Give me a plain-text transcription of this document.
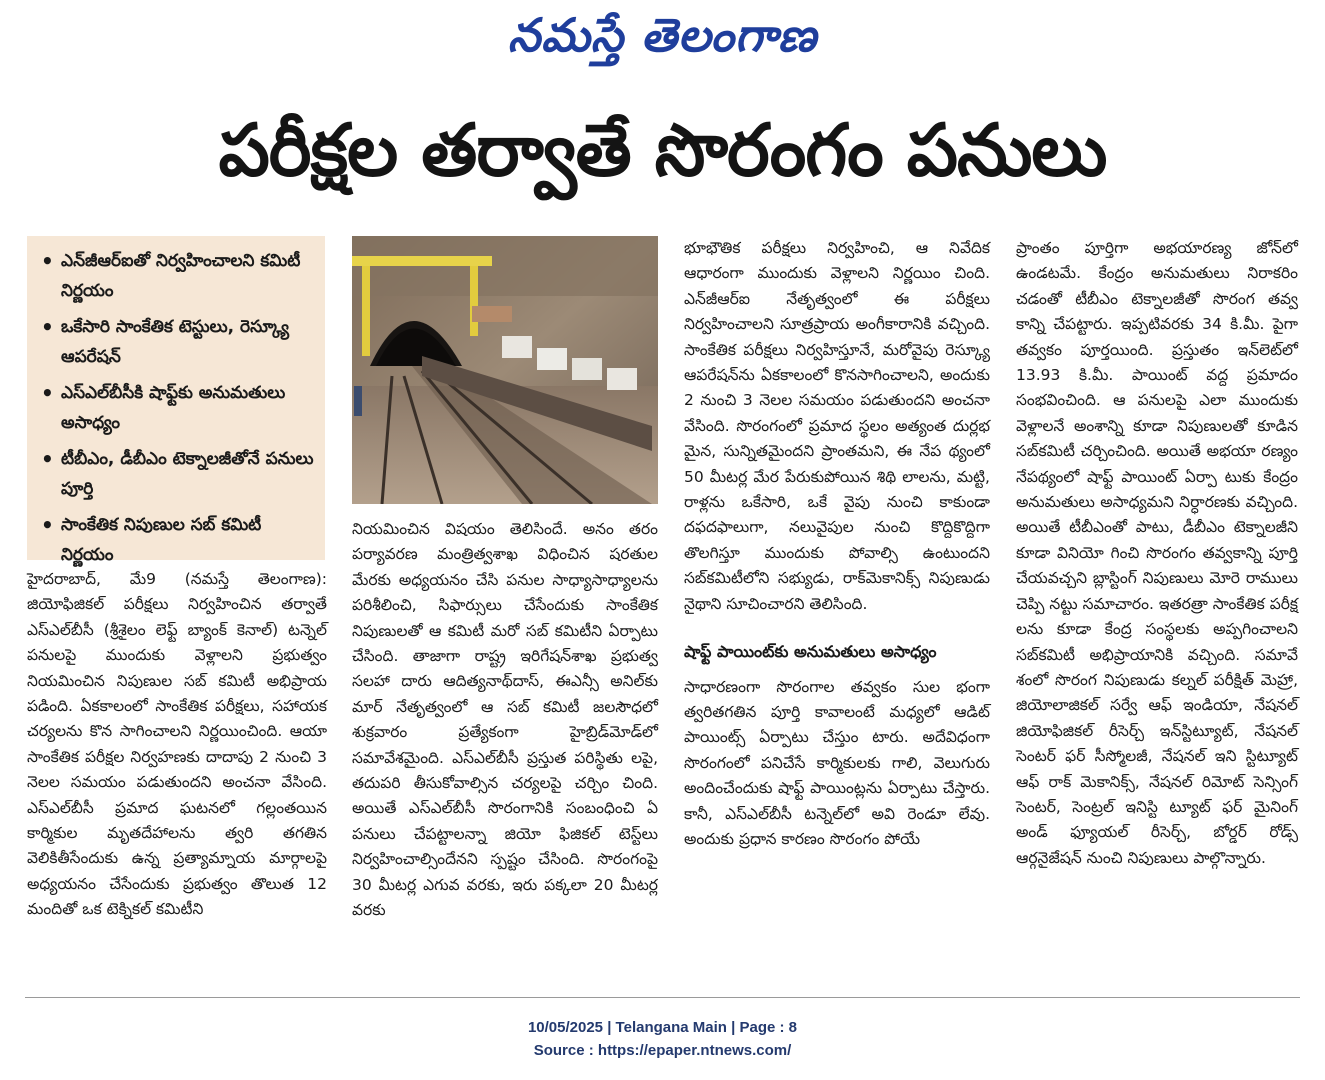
నమస్తే తెలంగాణ
పరీక్షల తర్వాతే సొరంగం పనులు
• ఎన్‌జీఆర్‌ఐతో నిర్వహించాలని కమిటీ నిర్ణయం
• ఒకేసారి సాంకేతిక టెస్టులు, రెస్క్యూ ఆపరేషన్
• ఎస్‌ఎల్‌బీసీకి షాఫ్ట్‌కు అనుమతులు అసాధ్యం
• టీబీఎం, డీబీఎం టెక్నాలజీతోనే పనులు పూర్తి
• సాంకేతిక నిపుణుల సబ్ కమిటీ నిర్ణయం

హైదరాబాద్, మే9 (నమస్తే తెలంగాణ): జియోఫిజికల్ పరీక్షలు నిర్వహించిన తర్వాతే ఎస్‌ఎల్‌బీసీ (శ్రీశైలం లెఫ్ట్ బ్యాంక్ కెనాల్) టన్నెల్ పనులపై ముందుకు వెళ్లాలని ప్రభుత్వం నియమించిన నిపుణుల సబ్ కమిటీ అభిప్రాయ పడింది. ఏకకాలంలో సాంకేతిక పరీక్షలు, సహాయక చర్యలను కొన సాగించాలని నిర్ణయించింది. ఆయా సాంకేతిక పరీక్షల నిర్వహణకు దాదాపు 2 నుంచి 3 నెలల సమయం పడుతుందని అంచనా వేసింది. ఎస్‌ఎల్‌బీసీ ప్రమాద ఘటనలో గల్లంతయిన కార్మికుల మృతదేహాలను త్వరి తగతిన వెలికితీసేందుకు ఉన్న ప్రత్యామ్నాయ మార్గాలపై అధ్యయనం చేసేందుకు ప్రభుత్వం తొలుత 12 మందితో ఒక టెక్నికల్ కమిటీని

నియమించిన విషయం తెలిసిందే. అనం తరం పర్యావరణ మంత్రిత్వశాఖ విధించిన షరతుల మేరకు అధ్యయనం చేసి పనుల సాధ్యాసాధ్యాలను పరిశీలించి, సిఫార్సులు చేసేందుకు సాంకేతిక నిపుణులతో ఆ కమిటీ మరో సబ్ కమిటీని ఏర్పాటు చేసింది. తాజాగా రాష్ట్ర ఇరిగేషన్‌శాఖ ప్రభుత్వ సలహా దారు ఆదిత్యనాథ్‌దాస్, ఈఎన్సీ అనిల్‌కు మార్ నేతృత్వంలో ఆ సబ్ కమిటీ జలసౌధలో శుక్రవారం ప్రత్యేకంగా హైబ్రిడ్‌మోడ్‌లో సమావేశమైంది. ఎస్‌ఎల్‌బీసీ ప్రస్తుత పరిస్థితు లపై, తదుపరి తీసుకోవాల్సిన చర్యలపై చర్చిం చింది. అయితే ఎస్‌ఎల్‌బీసీ సొరంగానికి సంబంధించి ఏ పనులు చేపట్టాలన్నా జియో ఫిజికల్ టెస్ట్‌లు నిర్వహించాల్సిందేనని స్పష్టం చేసింది. సొరంగంపై 30 మీటర్ల ఎగువ వరకు, ఇరు పక్కలా 20 మీటర్ల వరకు

భూభౌతిక పరీక్షలు నిర్వహించి, ఆ నివేదిక ఆధారంగా ముందుకు వెళ్లాలని నిర్ణయిం చింది. ఎన్‌జీఆర్‌ఐ నేతృత్వంలో ఈ పరీక్షలు నిర్వహించాలని సూత్రప్రాయ అంగీకారానికి వచ్చింది. సాంకేతిక పరీక్షలు నిర్వహిస్తూనే, మరోవైపు రెస్క్యూ ఆపరేషన్‌ను ఏకకాలంలో కొనసాగించాలని, అందుకు 2 నుంచి 3 నెలల సమయం పడుతుందని అంచనా వేసింది. సొరంగంలో ప్రమాద స్థలం అత్యంత దుర్లభ మైన, సున్నితమైందని ప్రాంతమని, ఈ నేప థ్యంలో 50 మీటర్ల మేర పేరుకుపోయిన శిథి లాలను, మట్టి, రాళ్లను ఒకేసారి, ఒకే వైపు నుంచి కాకుండా దఫదఫాలుగా, నలువైపుల నుంచి కొద్దికొద్దిగా తొలగిస్తూ ముందుకు పోవాల్సి ఉంటుందని సబ్‌కమిటీలోని సభ్యుడు, రాక్‌మెకానిక్స్ నిపుణుడు నైథాని సూచించారని తెలిసింది.

షాఫ్ట్ పాయింట్‌కు అనుమతులు అసాధ్యం

సాధారణంగా సొరంగాల తవ్వకం సుల భంగా త్వరితగతిన పూర్తి కావాలంటే మధ్యలో ఆడిట్ పాయింట్స్ ఏర్పాటు చేస్తుం టారు. అదేవిధంగా సొరంగంలో పనిచేసే కార్మికులకు గాలి, వెలుగురు అందించేందుకు షాఫ్ట్ పాయింట్లను ఏర్పాటు చేస్తారు. కానీ, ఎస్‌ఎల్‌బీసీ టన్నెల్‌లో అవి రెండూ లేవు. అందుకు ప్రధాన కారణం సొరంగం పోయే

ప్రాంతం పూర్తిగా అభయారణ్య జోన్‌లో ఉండటమే. కేంద్రం అనుమతులు నిరాకరిం చడంతో టీబీఎం టెక్నాలజీతో సొరంగ తవ్వ కాన్ని చేపట్టారు. ఇప్పటివరకు 34 కి.మీ. పైగా తవ్వకం పూర్తయింది. ప్రస్తుతం ఇన్‌లెట్‌లో 13.93 కి.మీ. పాయింట్ వద్ద ప్రమాదం సంభవించింది. ఆ పనులపై ఎలా ముందుకు వెళ్లాలనే అంశాన్ని కూడా నిపుణులతో కూడిన సబ్‌కమిటీ చర్చించింది. అయితే అభయా రణ్యం నేపథ్యంలో షాఫ్ట్ పాయింట్ ఏర్పా టుకు కేంద్రం అనుమతులు అసాధ్యమని నిర్ధారణకు వచ్చింది. అయితే టీబీఎంతో పాటు, డీబీఎం టెక్నాలజీని కూడా వినియో గించి సొరంగం తవ్వకాన్ని పూర్తి చేయవచ్చని బ్లాస్టింగ్ నిపుణులు మోరె రాములు చెప్పి నట్టు సమాచారం. ఇతరత్రా సాంకేతిక పరీక్ష లను కూడా కేంద్ర సంస్థలకు అప్పగించాలని సబ్‌కమిటీ అభిప్రాయానికి వచ్చింది. సమావే శంలో సొరంగ నిపుణుడు కల్నల్ పరీక్షిత్ మెహ్రా, జియోలాజికల్ సర్వే ఆఫ్ ఇండియా, నేషనల్ జియోఫిజికల్ రీసెర్చ్ ఇన్‌స్టిట్యూట్, నేషనల్ సెంటర్ ఫర్ సీస్మోలజీ, నేషనల్ ఇని స్టిట్యూట్ ఆఫ్ రాక్ మెకానిక్స్, నేషనల్ రిమోట్ సెన్సింగ్ సెంటర్, సెంట్రల్ ఇనిస్టి ట్యూట్ ఫర్ మైనింగ్ అండ్ ఫ్యూయల్ రీసెర్చ్, బోర్డర్ రోడ్స్ ఆర్గనైజేషన్ నుంచి నిపుణులు పాల్గొన్నారు.

10/05/2025 | Telangana Main | Page : 8
Source : https://epaper.ntnews.com/
